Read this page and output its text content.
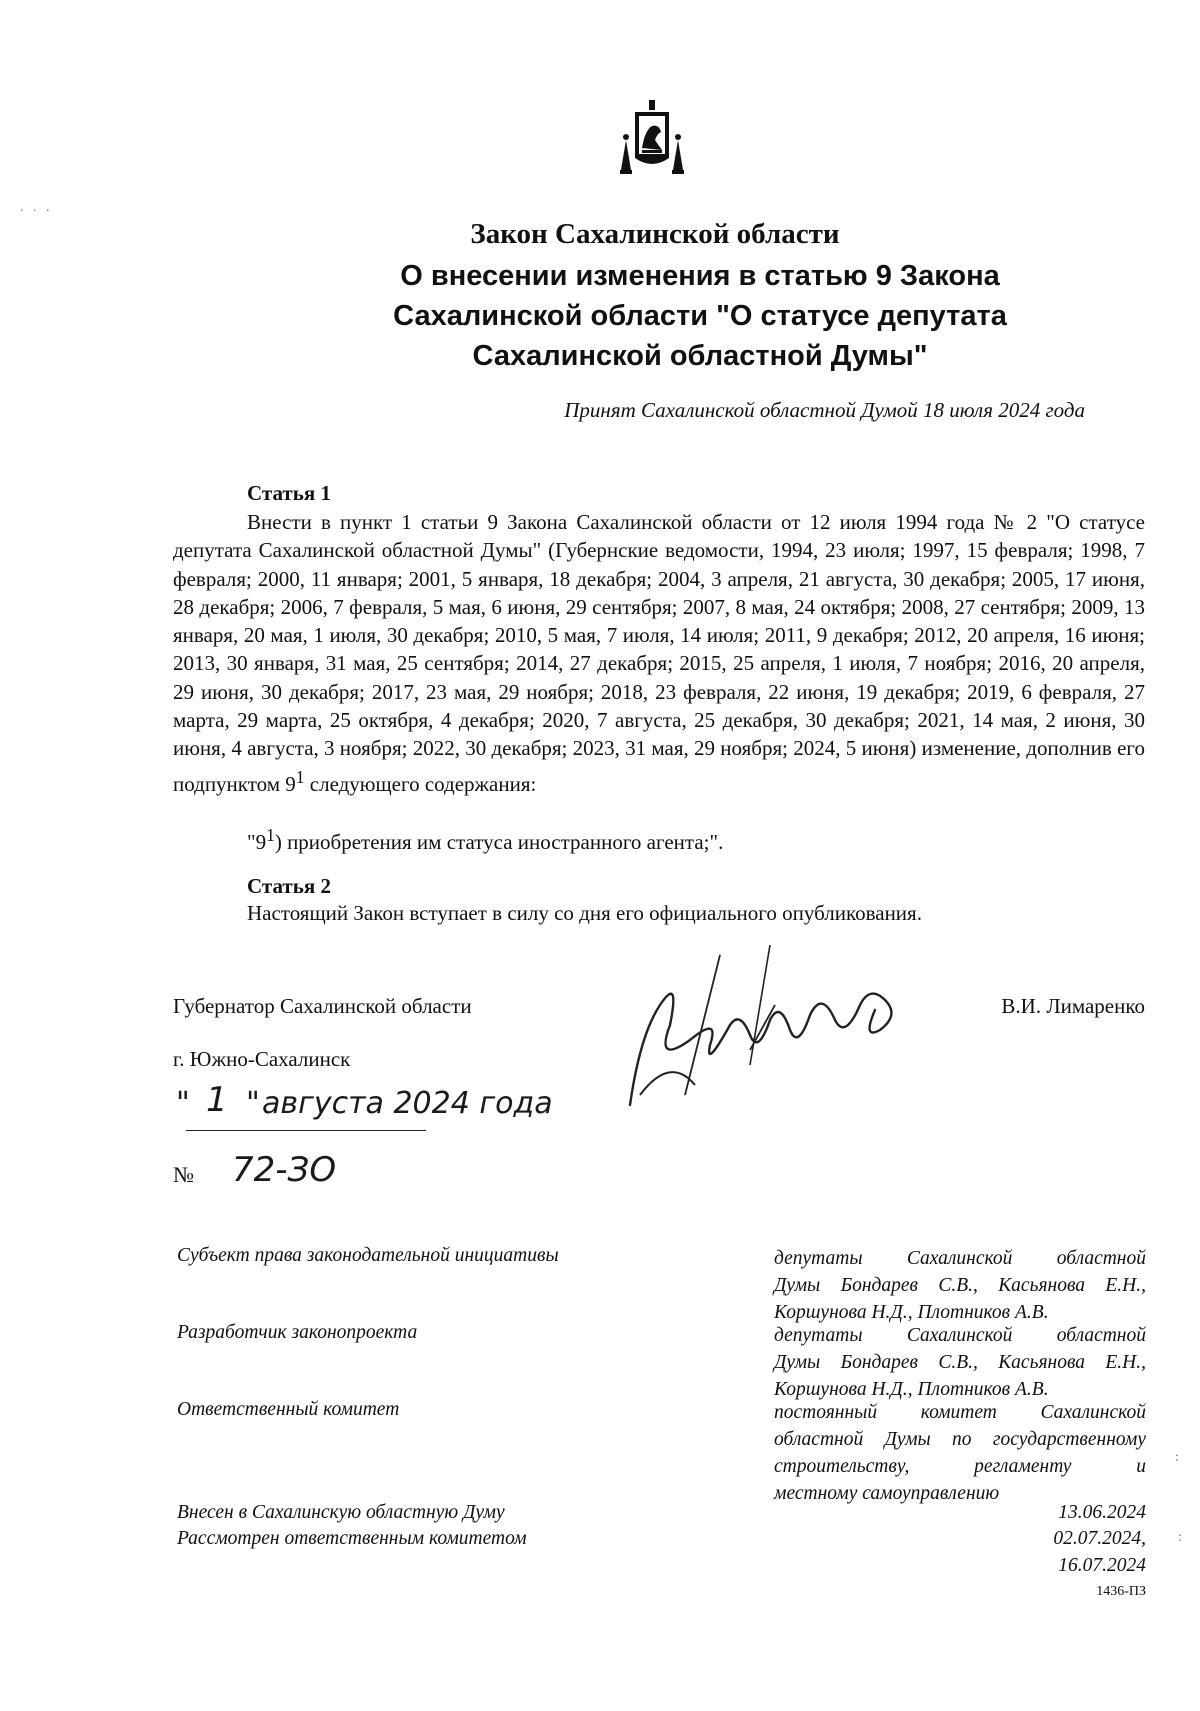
Закон Сахалинской области
О внесении изменения в статью 9 Закона
Сахалинской области "О статусе депутата
Сахалинской областной Думы"
Принят Сахалинской областной Думой 18 июля 2024 года
Статья 1
Внести в пункт 1 статьи 9 Закона Сахалинской области от 12 июля 1994 года № 2 "О статусе депутата Сахалинской областной Думы" (Губернские ведомости, 1994, 23 июля; 1997, 15 февраля; 1998, 7 февраля; 2000, 11 января; 2001, 5 января, 18 декабря; 2004, 3 апреля, 21 августа, 30 декабря; 2005, 17 июня, 28 декабря; 2006, 7 февраля, 5 мая, 6 июня, 29 сентября; 2007, 8 мая, 24 октября; 2008, 27 сентября; 2009, 13 января, 20 мая, 1 июля, 30 декабря; 2010, 5 мая, 7 июля, 14 июля; 2011, 9 декабря; 2012, 20 апреля, 16 июня; 2013, 30 января, 31 мая, 25 сентября; 2014, 27 декабря; 2015, 25 апреля, 1 июля, 7 ноября; 2016, 20 апреля, 29 июня, 30 декабря; 2017, 23 мая, 29 ноября; 2018, 23 февраля, 22 июня, 19 декабря; 2019, 6 февраля, 27 марта, 29 марта, 25 октября, 4 декабря; 2020, 7 августа, 25 декабря, 30 декабря; 2021, 14 мая, 2 июня, 30 июня, 4 августа, 3 ноября; 2022, 30 декабря; 2023, 31 мая, 29 ноября; 2024, 5 июня) изменение, дополнив его подпунктом $9^1$ следующего содержания:
"$9^1$) приобретения им статуса иностранного агента;".
Статья 2
Настоящий Закон вступает в силу со дня его официального опубликования.
Губернатор Сахалинской области	В.И. Лимаренко
г. Южно-Сахалинск
" 1 " августа 2024 года
№ 72-ЗО
Субъект права законодательной инициативы	депутаты Сахалинской областной
Думы Бондарев С.В., Касьянова Е.Н.,
Коршунова Н.Д., Плотников А.В.
Разработчик законопроекта	депутаты Сахалинской областной
Думы Бондарев С.В., Касьянова Е.Н.,
Коршунова Н.Д., Плотников А.В.
Ответственный комитет	постоянный комитет Сахалинской
областной Думы по государственному
строительству, регламенту и
местному самоуправлению
Внесен в Сахалинскую областную Думу	13.06.2024
Рассмотрен ответственным комитетом	02.07.2024,
16.07.2024
1436-ПЗ
. . .
:
:
